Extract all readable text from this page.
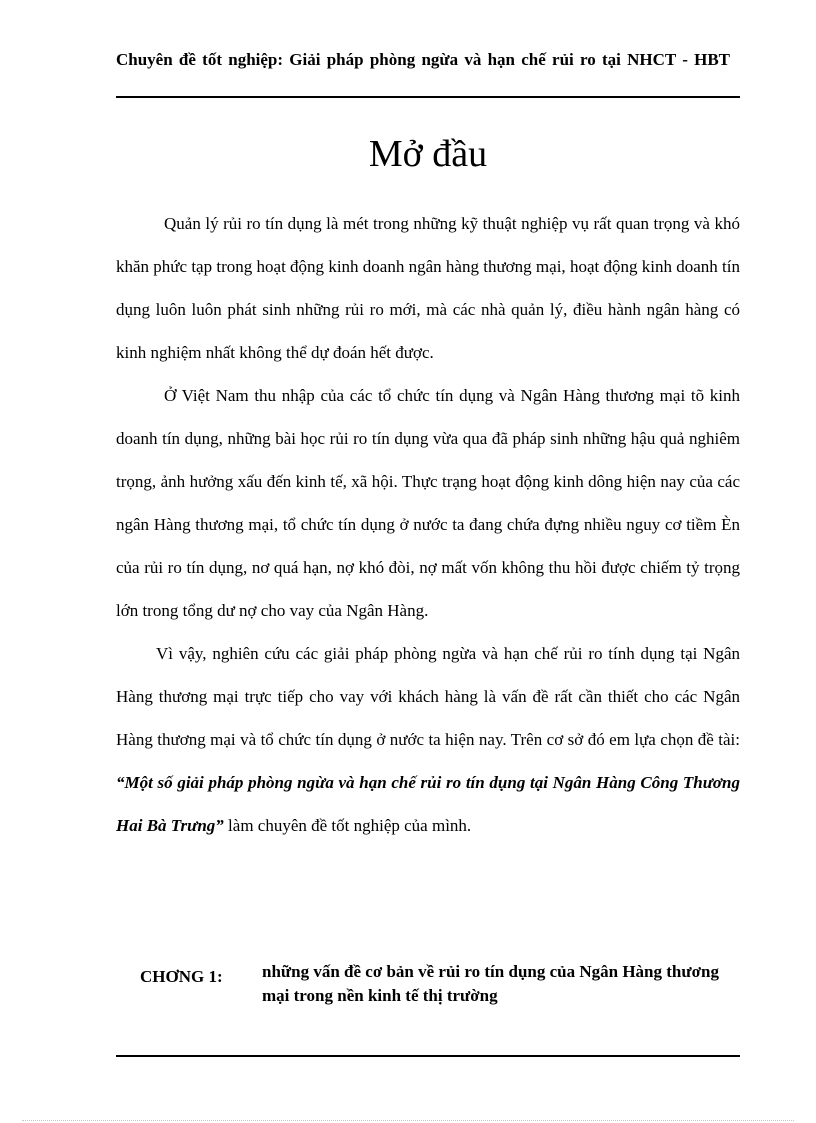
Chuyên đề tốt nghiệp: Giải pháp phòng ngừa và hạn chế rủi ro tại NHCT - HBT
Mở đầu

Quản lý rủi ro tín dụng là mét trong những kỹ thuật nghiệp vụ rất quan trọng và khó khăn phức tạp trong hoạt động kinh doanh ngân hàng thương mại, hoạt động kinh doanh tín dụng luôn luôn phát sinh những rủi ro mới, mà các nhà quản lý, điều hành ngân hàng có kinh nghiệm nhất không thể dự đoán hết được.

Ở Việt Nam thu nhập của các tổ chức tín dụng và Ngân Hàng thương mại tõ kinh doanh tín dụng, những bài học rủi ro tín dụng vừa qua đã pháp sinh những hậu quả nghiêm trọng, ảnh hưởng xấu đến kinh tế, xã hội. Thực trạng hoạt động kinh dông hiện nay của các ngân Hàng thương mại, tổ chức tín dụng ở nước ta đang chứa đựng nhiều nguy cơ tiềm Èn của rủi ro tín dụng, nơ quá hạn, nợ khó đòi, nợ mất vốn không thu hồi được chiếm tỷ trọng lớn trong tổng dư nợ cho vay của Ngân Hàng.

Vì vậy, nghiên cứu các giải pháp phòng ngừa và hạn chế rủi ro tính dụng tại Ngân Hàng thương mại trực tiếp cho vay với khách hàng là vấn đề rất cần thiết cho các Ngân Hàng thương mại và tổ chức tín dụng ở nước ta hiện nay. Trên cơ sở đó em lựa chọn đề tài: “Một số giải pháp phòng ngừa và hạn chế rủi ro tín dụng tại Ngân Hàng Công Thương Hai Bà Trưng” làm chuyên đề tốt nghiệp của mình.

CHƠNG 1: những vấn đề cơ bản về rủi ro tín dụng của Ngân Hàng thương mại trong nền kinh tế thị trường
